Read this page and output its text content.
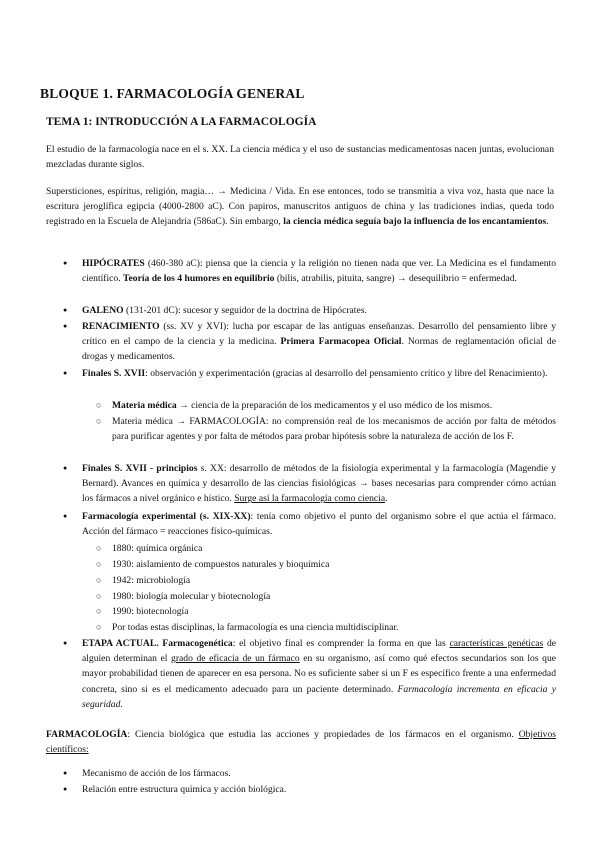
BLOQUE 1. FARMACOLOGÍA GENERAL
TEMA 1: INTRODUCCIÓN A LA FARMACOLOGÍA
El estudio de la farmacología nace en el s. XX. La ciencia médica y el uso de sustancias medicamentosas nacen juntas, evolucionan mezcladas durante siglos.
Supersticiones, espíritus, religión, magia… → Medicina / Vida. En ese entonces, todo se transmitía a viva voz, hasta que nace la escritura jeroglífica egipcia (4000-2800 aC). Con papiros, manuscritos antiguos de china y las tradiciones indias, queda todo registrado en la Escuela de Alejandría (586aC). Sin embargo, la ciencia médica seguía bajo la influencia de los encantamientos.
● HIPÓCRATES (460-380 aC): piensa que la ciencia y la religión no tienen nada que ver. La Medicina es el fundamento científico. Teoría de los 4 humores en equilibrio (bilis, atrabilis, pituita, sangre) → desequilibrio = enfermedad.
● GALENO (131-201 dC): sucesor y seguidor de la doctrina de Hipócrates.
● RENACIMIENTO (ss. XV y XVI): lucha por escapar de las antiguas enseñanzas. Desarrollo del pensamiento libre y crítico en el campo de la ciencia y la medicina. Primera Farmacopea Oficial. Normas de reglamentación oficial de drogas y medicamentos.
● Finales S. XVII: observación y experimentación (gracias al desarrollo del pensamiento crítico y libre del Renacimiento).
○ Materia médica → ciencia de la preparación de los medicamentos y el uso médico de los mismos.
○ Materia médica → FARMACOLOGÍA: no comprensión real de los mecanismos de acción por falta de métodos para purificar agentes y por falta de métodos para probar hipótesis sobre la naturaleza de acción de los F.
● Finales S. XVII - principios s. XX: desarrollo de métodos de la fisiología experimental y la farmacología (Magendie y Bernard). Avances en química y desarrollo de las ciencias fisiológicas → bases necesarias para comprender cómo actúan los fármacos a nivel orgánico e hístico. Surge así la farmacología como ciencia.
● Farmacología experimental (s. XIX-XX): tenía como objetivo el punto del organismo sobre el que actúa el fármaco. Acción del fármaco = reacciones físico-químicas.
○ 1880: química orgánica
○ 1930: aislamiento de compuestos naturales y bioquímica
○ 1942: microbiología
○ 1980: biología molecular y biotecnología
○ 1990: biotecnología
○ Por todas estas disciplinas, la farmacología es una ciencia multidisciplinar.
● ETAPA ACTUAL. Farmacogenética: el objetivo final es comprender la forma en que las características genéticas de alguien determinan el grado de eficacia de un fármaco en su organismo, así como qué efectos secundarios son los que mayor probabilidad tienen de aparecer en esa persona. No es suficiente saber si un F es específico frente a una enfermedad concreta, sino si es el medicamento adecuado para un paciente determinado. Farmacología incrementa en eficacia y seguridad.
FARMACOLOGÍA: Ciencia biológica que estudia las acciones y propiedades de los fármacos en el organismo. Objetivos científicos:
● Mecanismo de acción de los fármacos.
● Relación entre estructura química y acción biológica.
